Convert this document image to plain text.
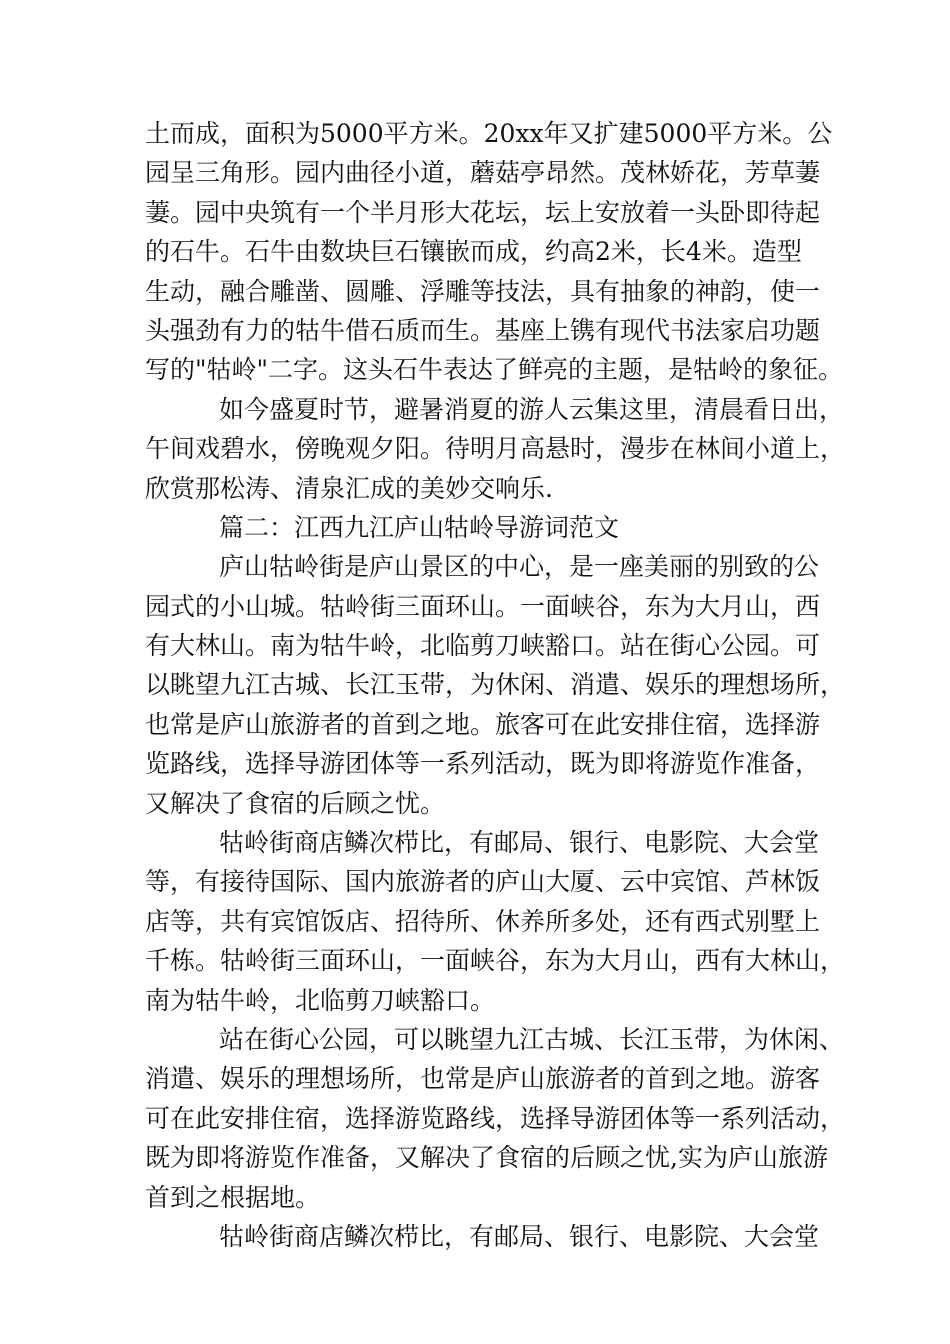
土而成，面积为5000平方米。20xx年又扩建5000平方米。公
园呈三角形。园内曲径小道，蘑菇亭昂然。茂林娇花，芳草萋
萋。园中央筑有一个半月形大花坛，坛上安放着一头卧即待起
的石牛。石牛由数块巨石镶嵌而成，约高2米，长4米。造型
生动，融合雕凿、圆雕、浮雕等技法，具有抽象的神韵，使一
头强劲有力的牯牛借石质而生。基座上镌有现代书法家启功题
写的"牯岭"二字。这头石牛表达了鲜亮的主题，是牯岭的象征。
如今盛夏时节，避暑消夏的游人云集这里，清晨看日出，
午间戏碧水，傍晚观夕阳。待明月高悬时，漫步在林间小道上，
欣赏那松涛、清泉汇成的美妙交响乐.
篇二：江西九江庐山牯岭导游词范文
庐山牯岭街是庐山景区的中心，是一座美丽的别致的公
园式的小山城。牯岭街三面环山。一面峡谷，东为大月山，西
有大林山。南为牯牛岭，北临剪刀峡豁口。站在街心公园。可
以眺望九江古城、长江玉带，为休闲、消遣、娱乐的理想场所，
也常是庐山旅游者的首到之地。旅客可在此安排住宿，选择游
览路线，选择导游团体等一系列活动，既为即将游览作准备，
又解决了食宿的后顾之忧。
牯岭街商店鳞次栉比，有邮局、银行、电影院、大会堂
等，有接待国际、国内旅游者的庐山大厦、云中宾馆、芦林饭
店等，共有宾馆饭店、招待所、休养所多处，还有西式别墅上
千栋。牯岭街三面环山，一面峡谷，东为大月山，西有大林山，
南为牯牛岭，北临剪刀峡豁口。
站在街心公园，可以眺望九江古城、长江玉带，为休闲、
消遣、娱乐的理想场所，也常是庐山旅游者的首到之地。游客
可在此安排住宿，选择游览路线，选择导游团体等一系列活动，
既为即将游览作准备，又解决了食宿的后顾之忧,实为庐山旅游
首到之根据地。
牯岭街商店鳞次栉比，有邮局、银行、电影院、大会堂
